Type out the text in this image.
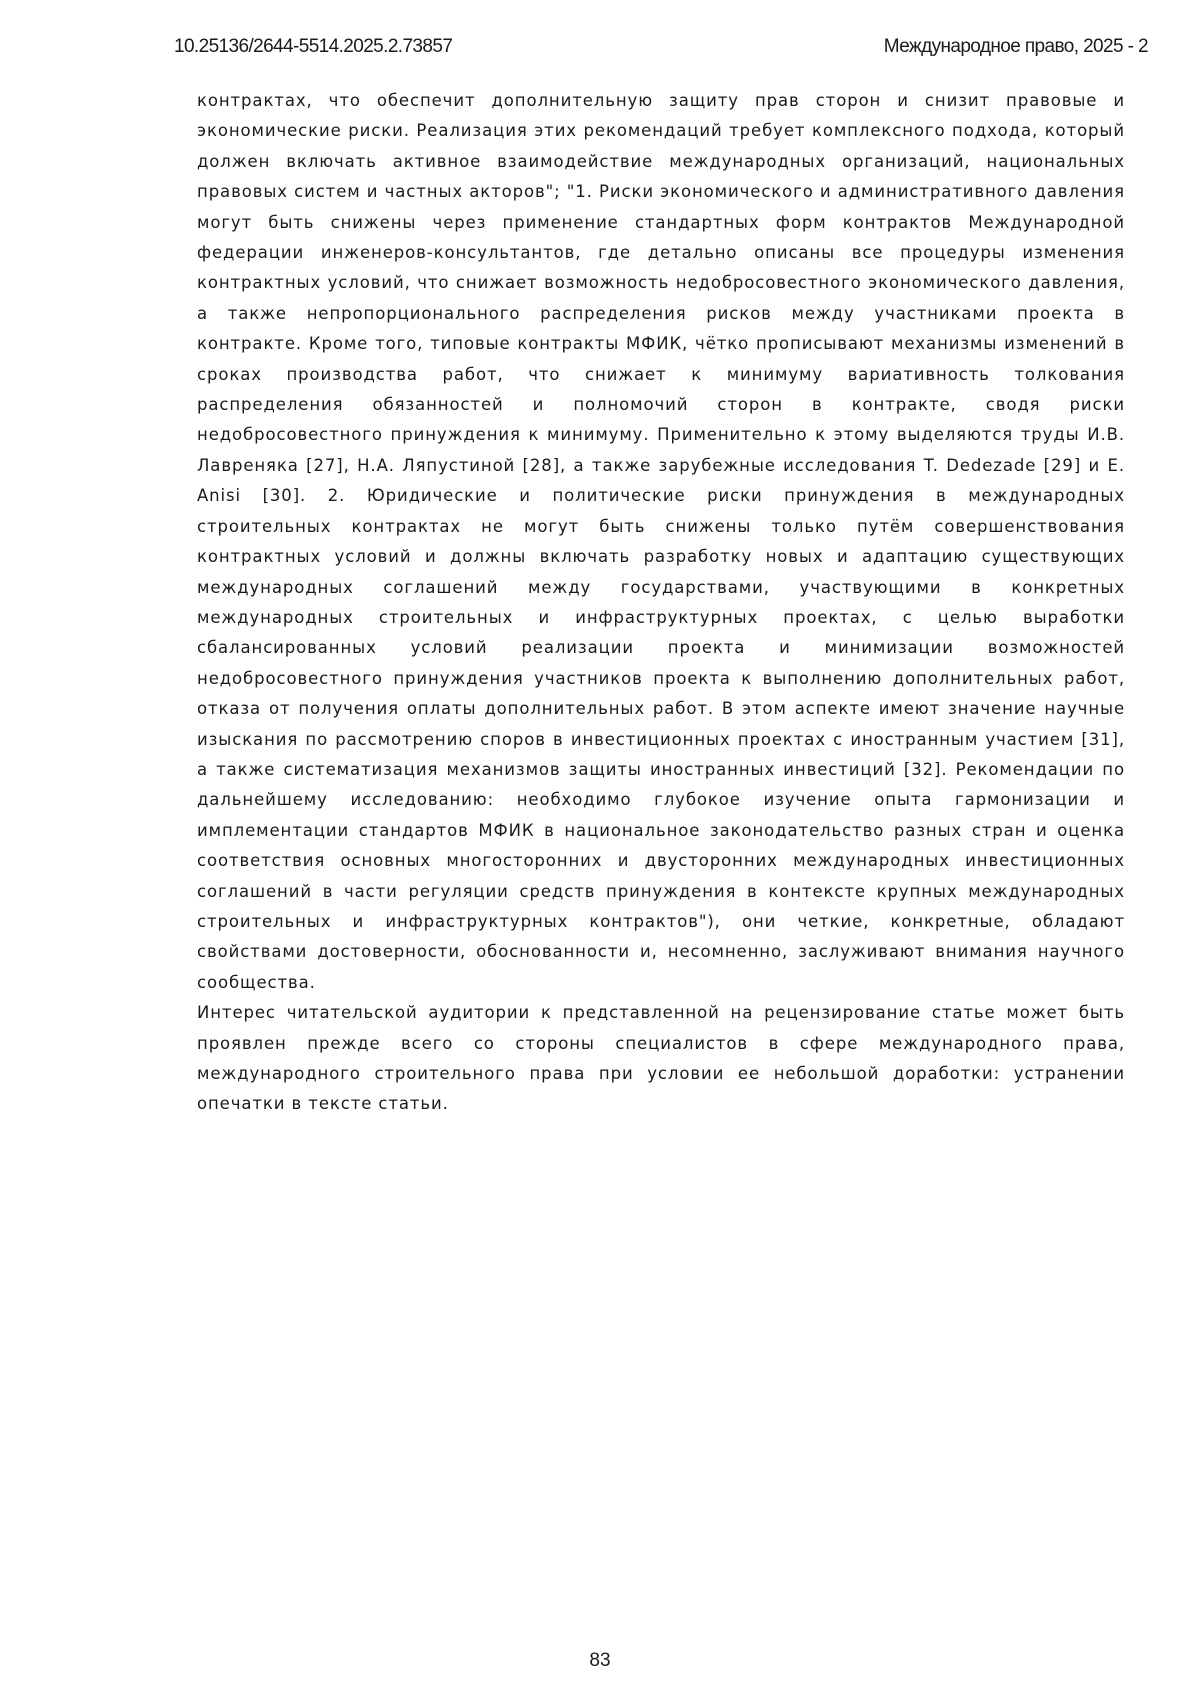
10.25136/2644-5514.2025.2.73857	Международное право, 2025 - 2

контрактах, что обеспечит дополнительную защиту прав сторон и снизит правовые и экономические риски. Реализация этих рекомендаций требует комплексного подхода, который должен включать активное взаимодействие международных организаций, национальных правовых систем и частных акторов"; "1. Риски экономического и административного давления могут быть снижены через применение стандартных форм контрактов Международной федерации инженеров-консультантов, где детально описаны все процедуры изменения контрактных условий, что снижает возможность недобросовестного экономического давления, а также непропорционального распределения рисков между участниками проекта в контракте. Кроме того, типовые контракты МФИК, чётко прописывают механизмы изменений в сроках производства работ, что снижает к минимуму вариативность толкования распределения обязанностей и полномочий сторон в контракте, сводя риски недобросовестного принуждения к минимуму. Применительно к этому выделяются труды И.В. Лавреняка [27], Н.А. Ляпустиной [28], а также зарубежные исследования T. Dedezade [29] и E. Anisi [30]. 2. Юридические и политические риски принуждения в международных строительных контрактах не могут быть снижены только путём совершенствования контрактных условий и должны включать разработку новых и адаптацию существующих международных соглашений между государствами, участвующими в конкретных международных строительных и инфраструктурных проектах, с целью выработки сбалансированных условий реализации проекта и минимизации возможностей недобросовестного принуждения участников проекта к выполнению дополнительных работ, отказа от получения оплаты дополнительных работ. В этом аспекте имеют значение научные изыскания по рассмотрению споров в инвестиционных проектах с иностранным участием [31], а также систематизация механизмов защиты иностранных инвестиций [32]. Рекомендации по дальнейшему исследованию: необходимо глубокое изучение опыта гармонизации и имплементации стандартов МФИК в национальное законодательство разных стран и оценка соответствия основных многосторонних и двусторонних международных инвестиционных соглашений в части регуляции средств принуждения в контексте крупных международных строительных и инфраструктурных контрактов"), они четкие, конкретные, обладают свойствами достоверности, обоснованности и, несомненно, заслуживают внимания научного сообщества.

Интерес читательской аудитории к представленной на рецензирование статье может быть проявлен прежде всего со стороны специалистов в сфере международного права, международного строительного права при условии ее небольшой доработки: устранении опечатки в тексте статьи.

83
